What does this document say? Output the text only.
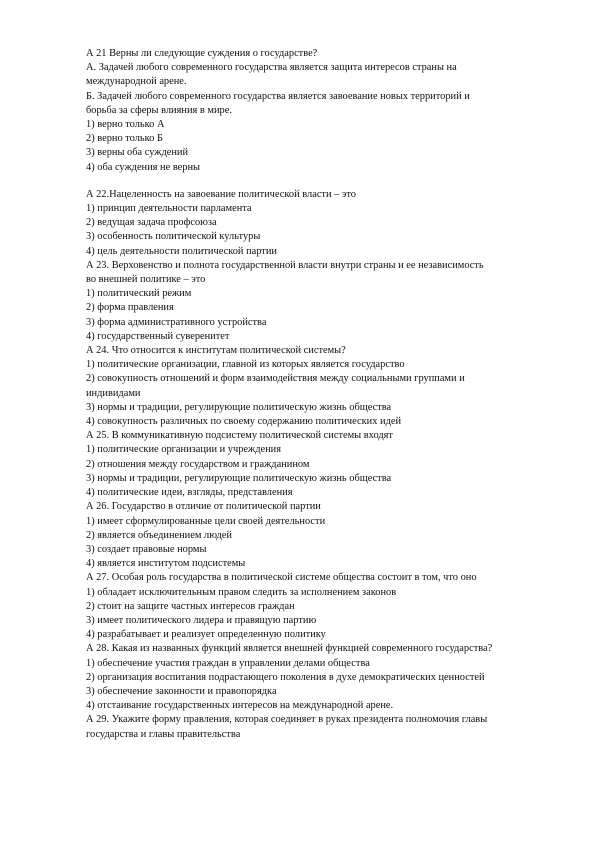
А 21 Верны ли следующие суждения о государстве?
А. Задачей любого современного государства является защита интересов страны на
международной арене.
Б. Задачей любого современного государства является завоевание новых территорий и
борьба за сферы влияния в мире.
1) верно только А
2) верно только Б
3) верны оба суждений
4) оба суждения не верны
А 22.Нацеленность на завоевание политической власти – это
1) принцип деятельности парламента
2) ведущая задача профсоюза
3) особенность политической культуры
4) цель деятельности политической партии
А 23. Верховенство и полнота государственной власти внутри страны и ее независимость
во внешней политике – это
1) политический режим
2) форма правления
3) форма административного устройства
4) государственный суверенитет
А 24. Что относится к институтам политической системы?
1) политические организации, главной из которых является государство
2) совокупность отношений и форм взаимодействия между социальными группами и
индивидами
3) нормы и традиции, регулирующие политическую жизнь общества
4) совокупность различных по своему содержанию политических идей
А 25. В коммуникативную подсистему политической системы входят
1) политические организации и учреждения
2) отношения между государством и гражданином
3) нормы и традиции, регулирующие политическую жизнь общества
4) политические идеи, взгляды, представления
А 26. Государство в отличие от политической партии
1) имеет сформулированные цели своей деятельности
2) является объединением людей
3) создает правовые нормы
4) является институтом подсистемы
А 27. Особая роль государства в политической системе общества состоит в том, что оно
1) обладает исключительным правом следить за исполнением законов
2) стоит на защите частных интересов граждан
3) имеет политического лидера и правящую партию
4) разрабатывает и реализует определенную политику
А 28. Какая из названных функций является внешней функцией современного государства?
1) обеспечение участия граждан в управлении делами общества
2) организация воспитания подрастающего поколения в духе демократических ценностей
3) обеспечение законности и правопорядка
4) отстаивание государственных интересов на международной арене.
А 29. Укажите форму правления, которая соединяет в руках президента полномочия главы
государства и главы правительства
